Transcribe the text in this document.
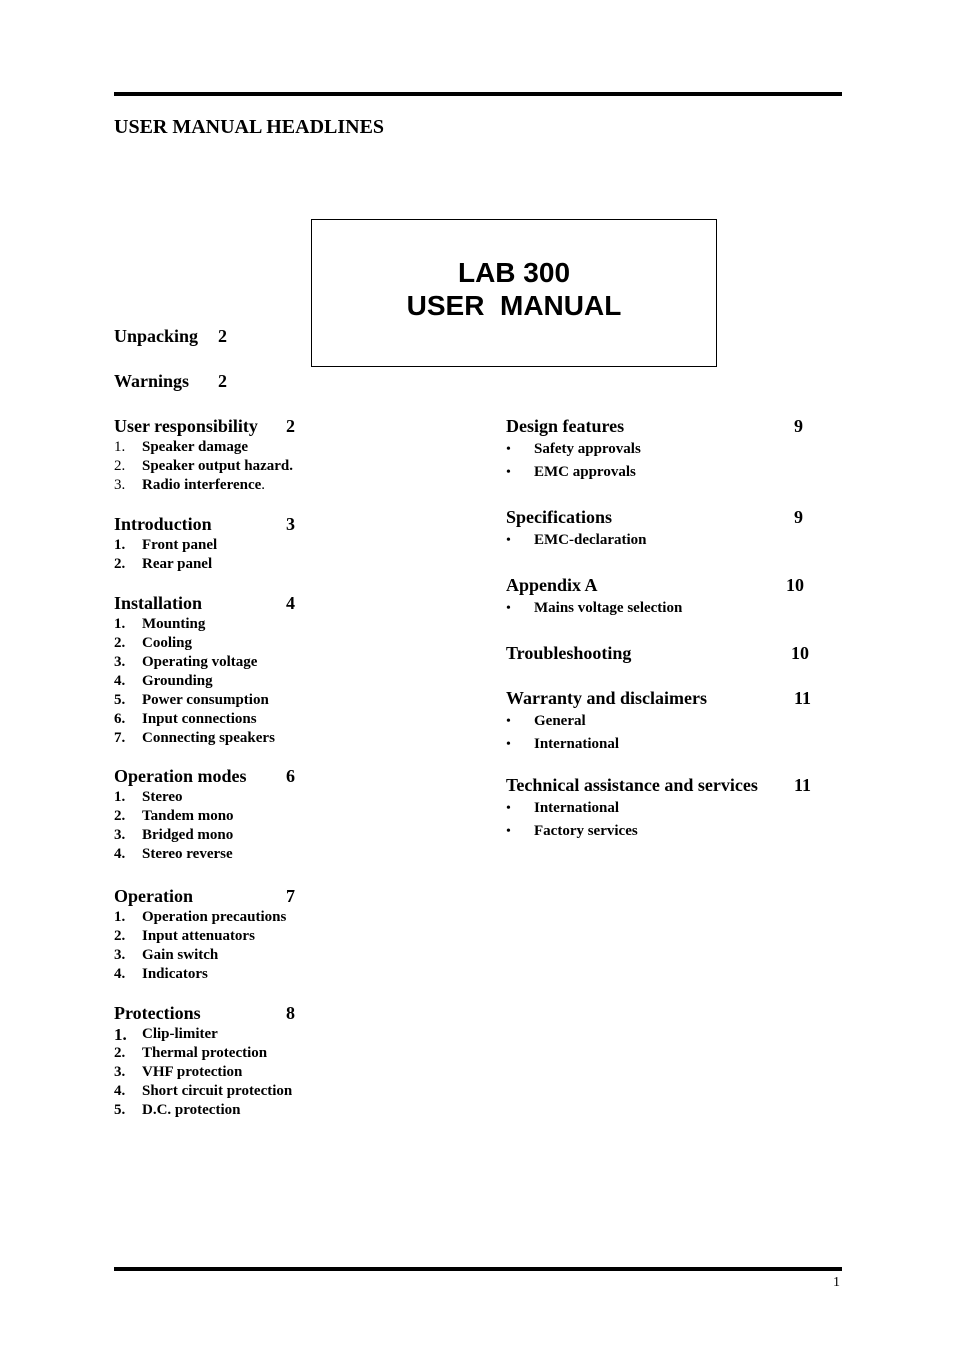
USER MANUAL HEADLINES
LAB 300
USER  MANUAL
Unpacking 2
Warnings 2
User responsibility 2
1.	Speaker damage
2.	Speaker output hazard.
3.	Radio interference.
Introduction	3
1.	Front panel
2.	Rear panel
Installation	4
1.	Mounting
2.	Cooling
3.	Operating voltage
4.	Grounding
5.	Power consumption
6.	Input connections
7.	Connecting speakers
Operation modes 6
1.	Stereo
2.	Tandem mono
3.	Bridged mono
4.	Stereo reverse
Operation	7
1.	Operation precautions
2.	Input attenuators
3.	Gain switch
4.	Indicators
Protections	8
1.	Clip-limiter
2.	Thermal protection
3.	VHF protection
4.	Short circuit protection
5.	D.C. protection
Design features	9
• Safety approvals
• EMC approvals
Specifications	9
• EMC-declaration
Appendix A	10
• Mains voltage selection
Troubleshooting	10
Warranty and disclaimers	11
• General
• International
Technical assistance and services 11
• International
• Factory services
1
